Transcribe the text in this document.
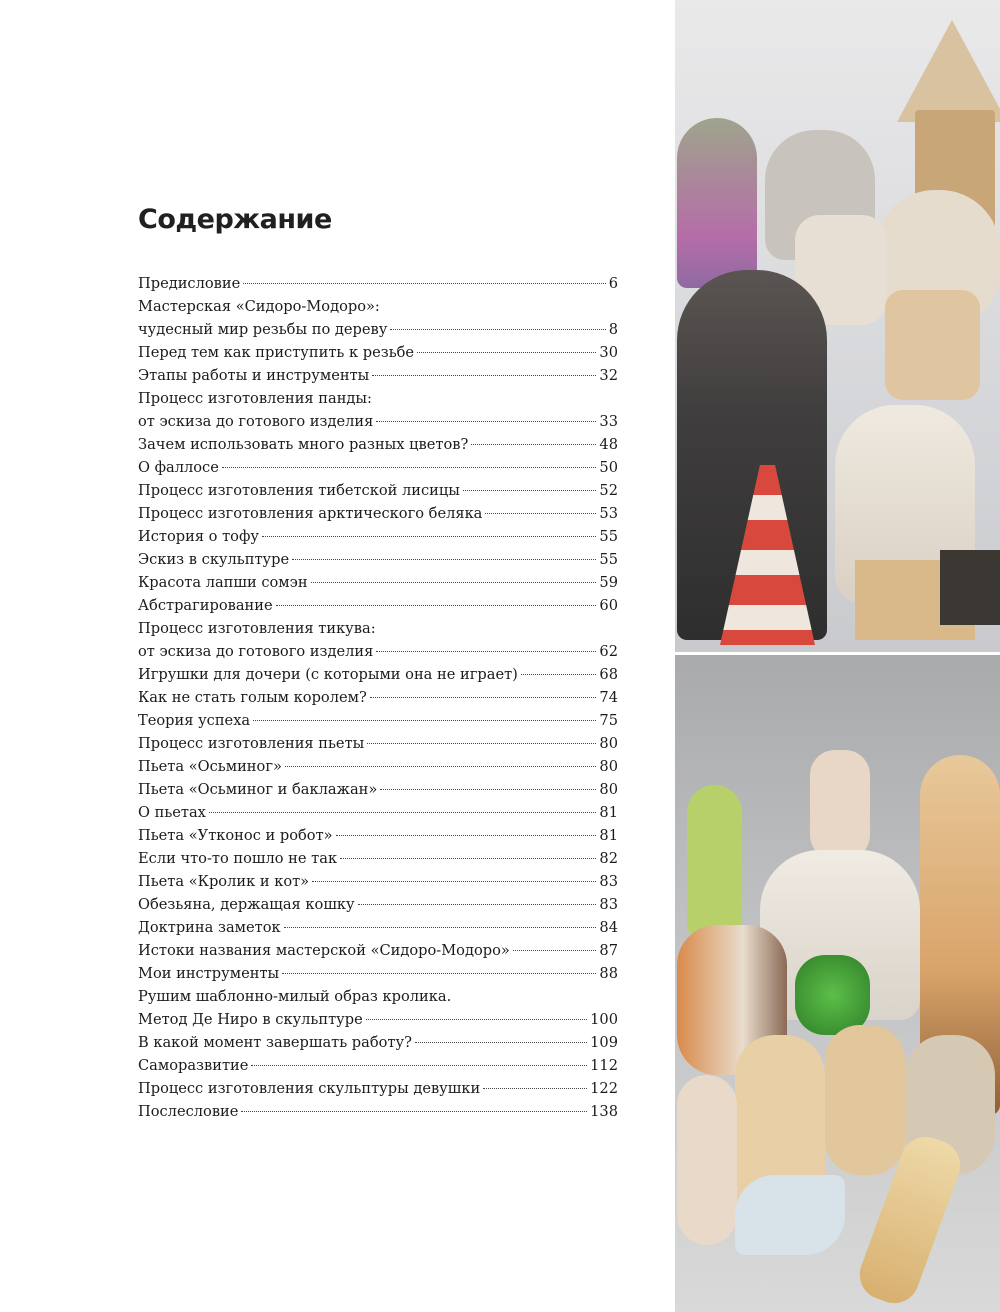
Содержание
Предисловие	6
Мастерская «Сидоро-Модоро»:
чудесный мир резьбы по дереву	8
Перед тем как приступить к резьбе	30
Этапы работы и инструменты	32
Процесс изготовления панды:
от эскиза до готового изделия	33
Зачем использовать много разных цветов?	48
О фаллосе	50
Процесс изготовления тибетской лисицы	52
Процесс изготовления арктического беляка	53
История о тофу	55
Эскиз в скульптуре	55
Красота лапши сомэн	59
Абстрагирование	60
Процесс изготовления тикува:
от эскиза до готового изделия	62
Игрушки для дочери (с которыми она не играет)	68
Как не стать голым королем?	74
Теория успеха	75
Процесс изготовления пьеты	80
Пьета «Осьминог»	80
Пьета «Осьминог и баклажан»	80
О пьетах	81
Пьета «Утконос и робот»	81
Если что-то пошло не так	82
Пьета «Кролик и кот»	83
Обезьяна, держащая кошку	83
Доктрина заметок	84
Истоки названия мастерской «Сидоро-Модоро»	87
Мои инструменты	88
Рушим шаблонно-милый образ кролика.
Метод Де Ниро в скульптуре	100
В какой момент завершать работу?	109
Саморазвитие	112
Процесс изготовления скульптуры девушки	122
Послесловие	138
